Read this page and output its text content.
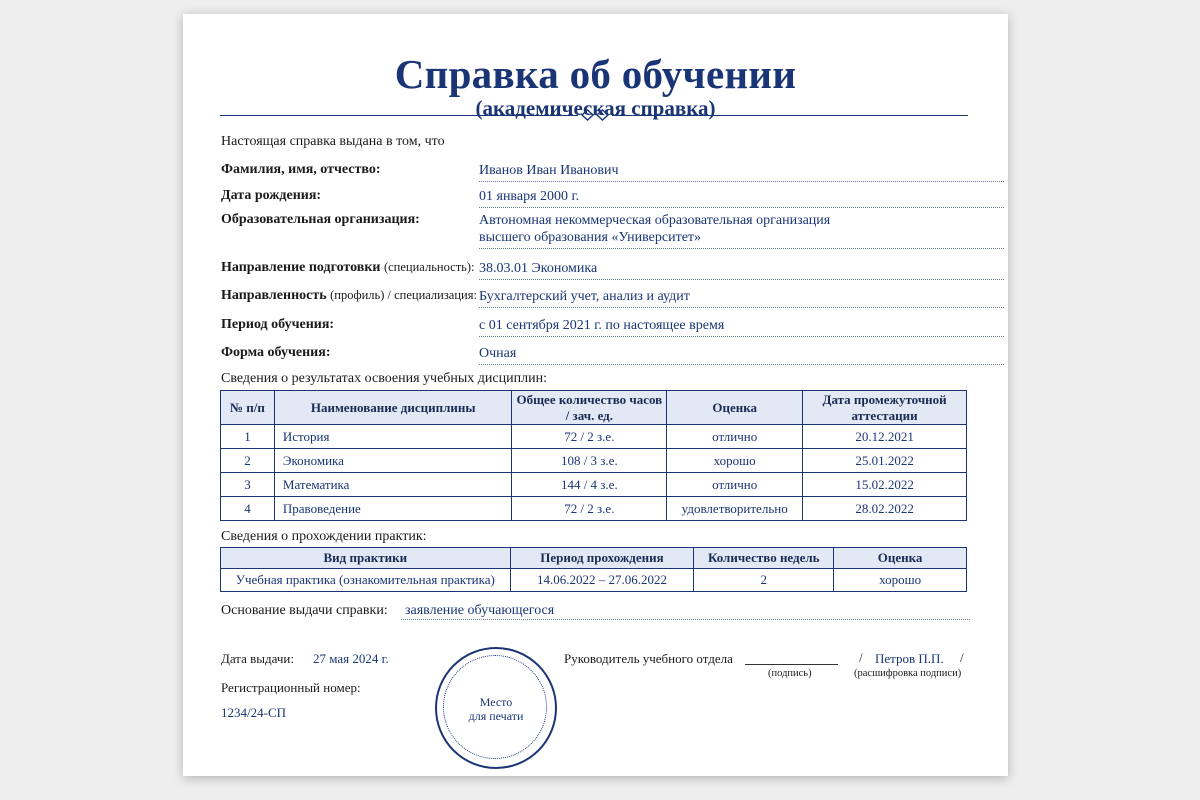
Справка об обучении
(академическая справка)
Настоящая справка выдана в том, что
Фамилия, имя, отчество:	Иванов Иван Иванович
Дата рождения:	01 января 2000 г.
Образовательная организация:	Автономная некоммерческая образовательная организация
высшего образования «Университет»
Направление подготовки (специальность): 38.03.01 Экономика
Направленность (профиль) / специализация: Бухгалтерский учет, анализ и аудит
Период обучения:	с 01 сентября 2021 г. по настоящее время
Форма обучения:	Очная
Сведения о результатах освоения учебных дисциплин:
№ п/п	Наименование дисциплины	Общее количество часов / зач. ед.	Оценка	Дата промежуточной аттестации
1	История	72 / 2 з.е.	отлично	20.12.2021
2	Экономика	108 / 3 з.е.	хорошо	25.01.2022
3	Математика	144 / 4 з.е.	отлично	15.02.2022
4	Правоведение	72 / 2 з.е.	удовлетворительно	28.02.2022
Сведения о прохождении практик:
Вид практики	Период прохождения	Количество недель	Оценка
Учебная практика (ознакомительная практика)	14.06.2022 – 27.06.2022	2	хорошо
Основание выдачи справки: заявление обучающегося
Дата выдачи: 27 мая 2024 г.
Регистрационный номер:
1234/24-СП
Место
для печати
Руководитель учебного отдела	/ Петров П.П. /
(подпись)	(расшифровка подписи)
